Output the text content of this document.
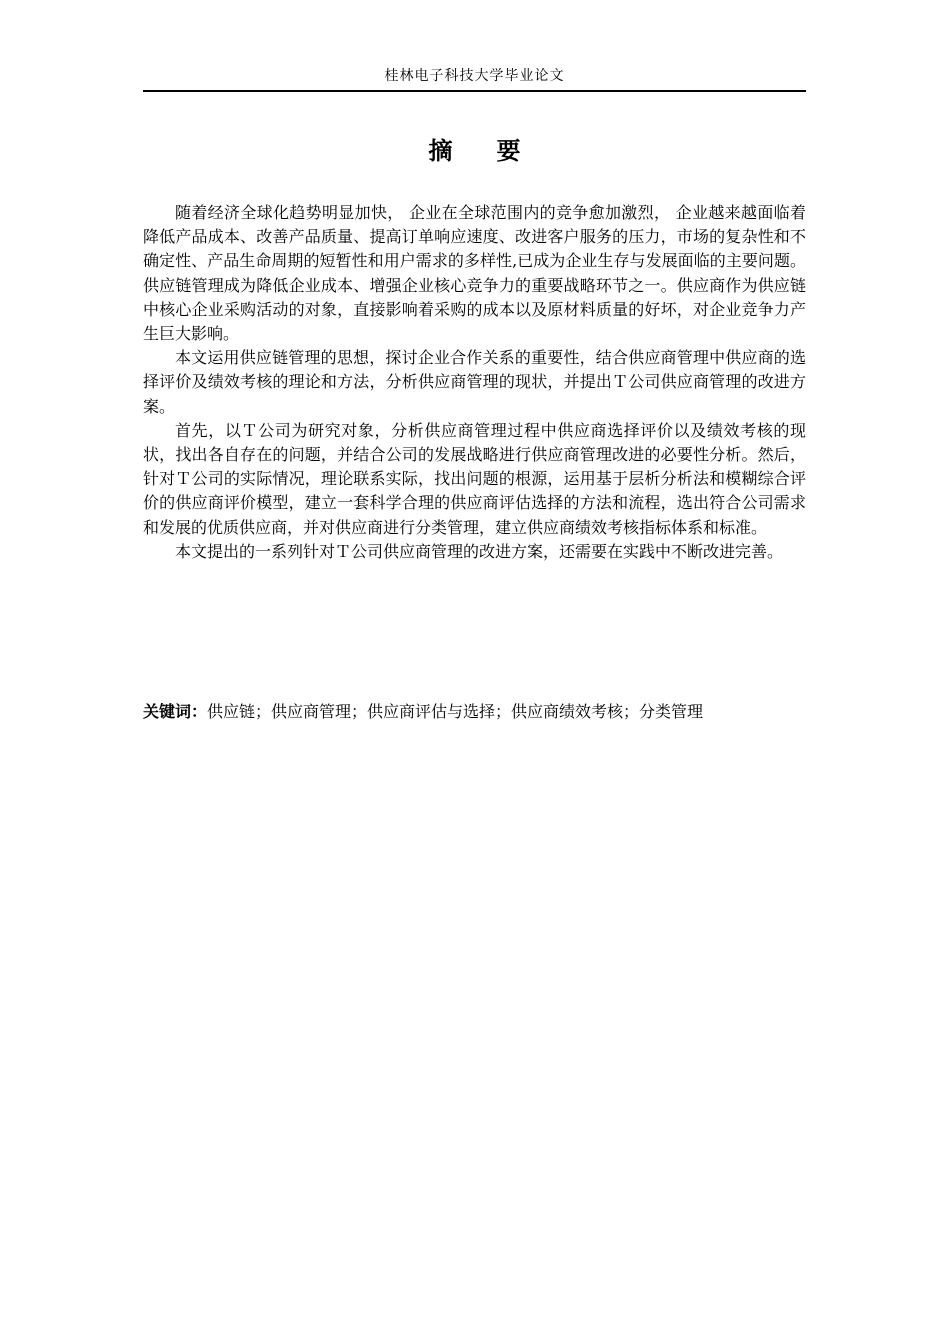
桂林电子科技大学毕业论文
摘 要

随着经济全球化趋势明显加快， 企业在全球范围内的竞争愈加激烈， 企业越来越面临着降低产品成本、改善产品质量、提高订单响应速度、改进客户服务的压力，市场的复杂性和不确定性、产品生命周期的短暂性和用户需求的多样性,已成为企业生存与发展面临的主要问题。供应链管理成为降低企业成本、增强企业核心竞争力的重要战略环节之一。供应商作为供应链中核心企业采购活动的对象，直接影响着采购的成本以及原材料质量的好坏，对企业竞争力产生巨大影响。

本文运用供应链管理的思想，探讨企业合作关系的重要性，结合供应商管理中供应商的选择评价及绩效考核的理论和方法，分析供应商管理的现状，并提出Ｔ公司供应商管理的改进方案。

首先，以Ｔ公司为研究对象，分析供应商管理过程中供应商选择评价以及绩效考核的现状，找出各自存在的问题，并结合公司的发展战略进行供应商管理改进的必要性分析。然后，针对Ｔ公司的实际情况，理论联系实际，找出问题的根源，运用基于层析分析法和模糊综合评价的供应商评价模型，建立一套科学合理的供应商评估选择的方法和流程，选出符合公司需求和发展的优质供应商，并对供应商进行分类管理，建立供应商绩效考核指标体系和标准。

本文提出的一系列针对Ｔ公司供应商管理的改进方案，还需要在实践中不断改进完善。

关键词：供应链；供应商管理；供应商评估与选择；供应商绩效考核；分类管理
